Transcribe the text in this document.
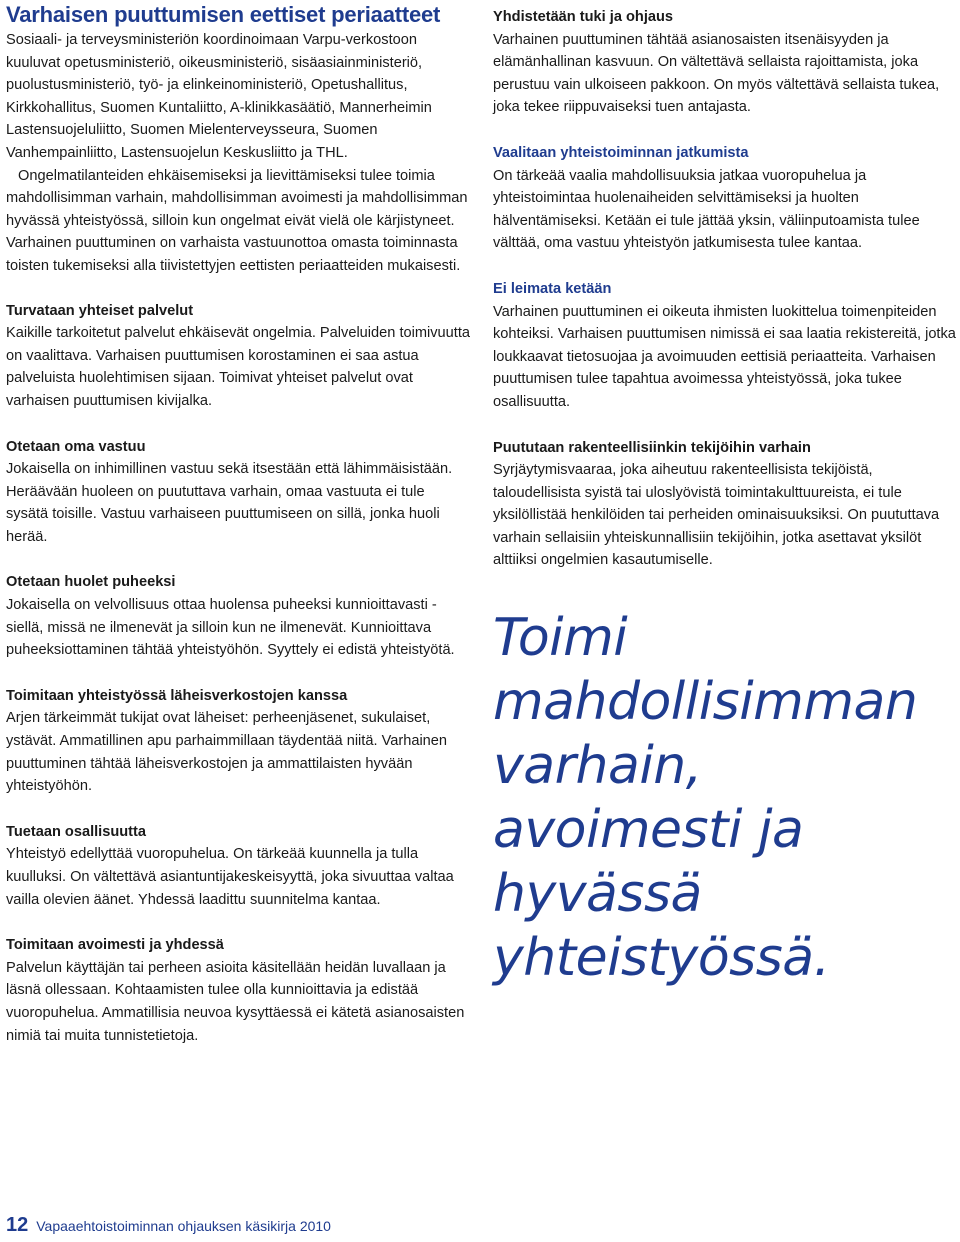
Varhaisen puuttumisen eettiset periaatteet

Sosiaali- ja terveysministeriön koordinoimaan Varpu-verkostoon kuuluvat opetusministeriö, oikeusministeriö, sisäasiainministeriö, puolustusministeriö, työ- ja elinkeinoministeriö, Opetushallitus, Kirkkohallitus, Suomen Kuntaliitto, A-klinikkasäätiö, Mannerheimin Lastensuojeluliitto, Suomen Mielenterveysseura, Suomen Vanhempainliitto, Lastensuojelun Keskusliitto ja THL.

Ongelmatilanteiden ehkäisemiseksi ja lievittämiseksi tulee toimia mahdollisimman varhain, mahdollisimman avoimesti ja mahdollisimman hyvässä yhteistyössä, silloin kun ongelmat eivät vielä ole kärjistyneet. Varhainen puuttuminen on varhaista vastuunottoa omasta toiminnasta toisten tukemiseksi alla tiivistettyjen eettisten periaatteiden mukaisesti.

Turvataan yhteiset palvelut

Kaikille tarkoitetut palvelut ehkäisevät ongelmia. Palveluiden toimivuutta on vaalittava. Varhaisen puuttumisen korostaminen ei saa astua palveluista huolehtimisen sijaan. Toimivat yhteiset palvelut ovat varhaisen puuttumisen kivijalka.

Otetaan oma vastuu

Jokaisella on inhimillinen vastuu sekä itsestään että lähimmäisistään. Heräävään huoleen on puututtava varhain, omaa vastuuta ei tule sysätä toisille. Vastuu varhaiseen puuttumiseen on sillä, jonka huoli herää.

Otetaan huolet puheeksi

Jokaisella on velvollisuus ottaa huolensa puheeksi kunnioittavasti - siellä, missä ne ilmenevät ja silloin kun ne ilmenevät. Kunnioittava puheeksiottaminen tähtää yhteistyöhön. Syyttely ei edistä yhteistyötä.

Toimitaan yhteistyössä läheisverkostojen kanssa

Arjen tärkeimmät tukijat ovat läheiset: perheenjäsenet, sukulaiset, ystävät. Ammatillinen apu parhaimmillaan täydentää niitä. Varhainen puuttuminen tähtää läheisverkostojen ja ammattilaisten hyvään yhteistyöhön.

Tuetaan osallisuutta

Yhteistyö edellyttää vuoropuhelua. On tärkeää kuunnella ja tulla kuulluksi. On vältettävä asiantuntijakeskeisyyttä, joka sivuuttaa valtaa vailla olevien äänet. Yhdessä laadittu suunnitelma kantaa.

Toimitaan avoimesti ja yhdessä

Palvelun käyttäjän tai perheen asioita käsitellään heidän luvallaan ja läsnä ollessaan. Kohtaamisten tulee olla kunnioittavia ja edistää vuoropuhelua. Ammatillisia neuvoa kysyttäessä ei kätetä asianosaisten nimiä tai muita tunnistetietoja.

Yhdistetään tuki ja ohjaus

Varhainen puuttuminen tähtää asianosaisten itsenäisyyden ja elämänhallinan kasvuun. On vältettävä sellaista rajoittamista, joka perustuu vain ulkoiseen pakkoon. On myös vältettävä sellaista tukea, joka tekee riippuvaiseksi tuen antajasta.

Vaalitaan yhteistoiminnan jatkumista

On tärkeää vaalia mahdollisuuksia jatkaa vuoropuhelua ja yhteistoimintaa huolenaiheiden selvittämiseksi ja huolten hälventämiseksi. Ketään ei tule jättää yksin, väliinputoamista tulee välttää, oma vastuu yhteistyön jatkumisesta tulee kantaa.

Ei leimata ketään

Varhainen puuttuminen ei oikeuta ihmisten luokittelua toimenpiteiden kohteiksi. Varhaisen puuttumisen nimissä ei saa laatia rekistereitä, jotka loukkaavat tietosuojaa ja avoimuuden eettisiä periaatteita. Varhaisen puuttumisen tulee tapahtua avoimessa yhteistyössä, joka tukee osallisuutta.

Puututaan rakenteellisiinkin tekijöihin varhain

Syrjäytymisvaaraa, joka aiheutuu rakenteellisista tekijöistä, taloudellisista syistä tai uloslyövistä toimintakulttuureista, ei tule yksilöllistää henkilöiden tai perheiden ominaisuuksiksi. On puututtava varhain sellaisiin yhteiskunnallisiin tekijöihin, jotka asettavat yksilöt alttiiksi ongelmien kasautumiselle.

Toimi mahdollisimman varhain, avoimesti ja hyvässä yhteistyössä.
12 Vapaaehtoistoiminnan ohjauksen käsikirja 2010
